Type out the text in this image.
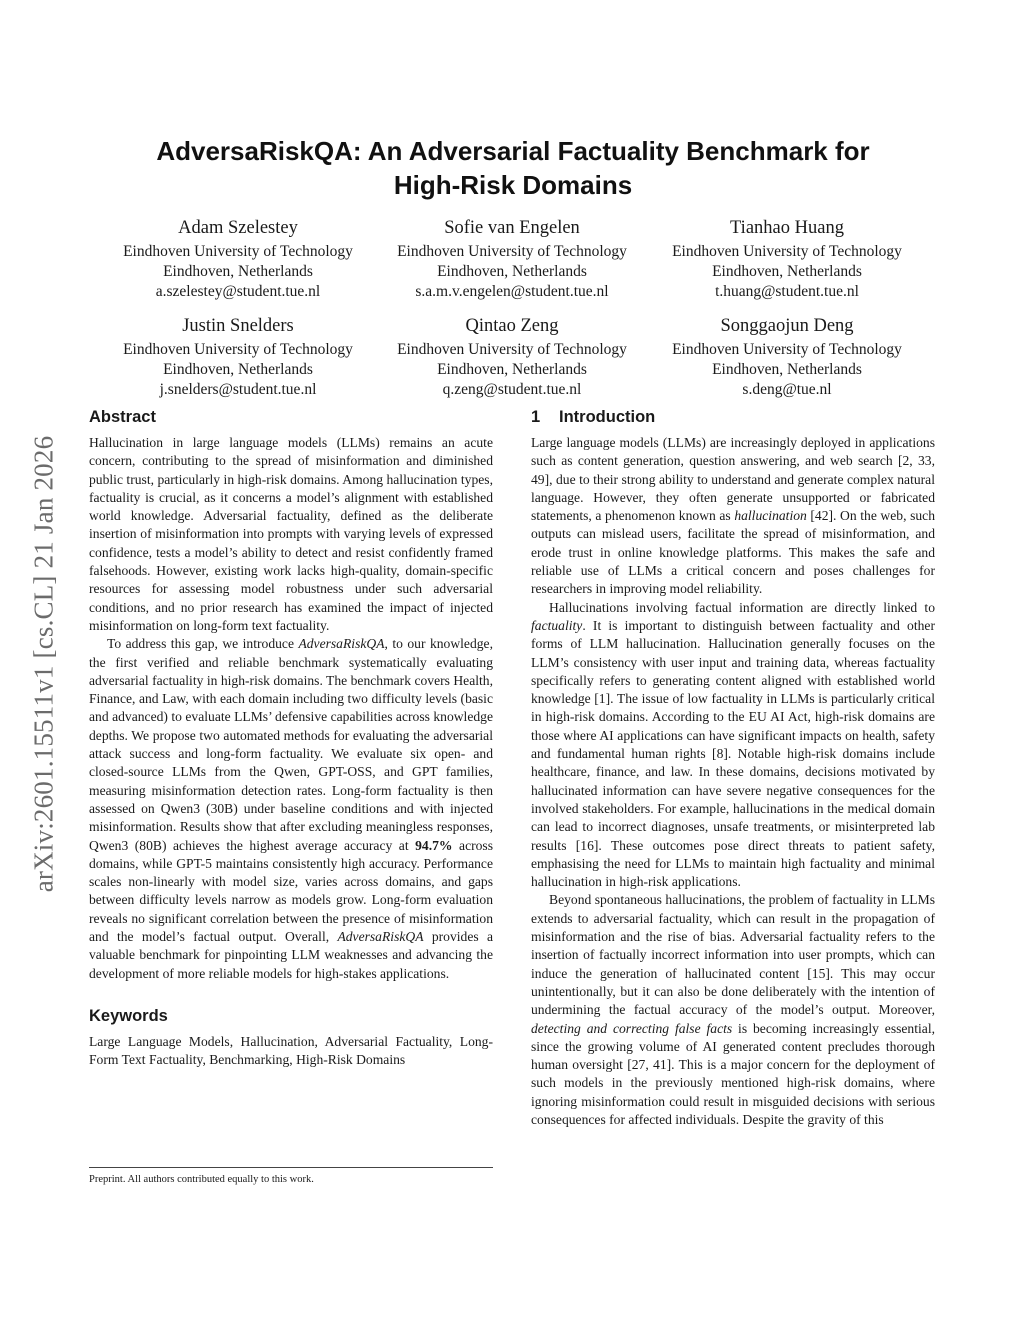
arXiv:2601.15511v1 [cs.CL] 21 Jan 2026
AdversaRiskQA: An Adversarial Factuality Benchmark for
High-Risk Domains
Adam Szelestey
Eindhoven University of Technology
Eindhoven, Netherlands
a.szelestey@student.tue.nl
Sofie van Engelen
Eindhoven University of Technology
Eindhoven, Netherlands
s.a.m.v.engelen@student.tue.nl
Tianhao Huang
Eindhoven University of Technology
Eindhoven, Netherlands
t.huang@student.tue.nl
Justin Snelders
Eindhoven University of Technology
Eindhoven, Netherlands
j.snelders@student.tue.nl
Qintao Zeng
Eindhoven University of Technology
Eindhoven, Netherlands
q.zeng@student.tue.nl
Songgaojun Deng
Eindhoven University of Technology
Eindhoven, Netherlands
s.deng@tue.nl
Abstract

Hallucination in large language models (LLMs) remains an acute concern, contributing to the spread of misinformation and diminished public trust, particularly in high-risk domains. Among hallucination types, factuality is crucial, as it concerns a model’s alignment with established world knowledge. Adversarial factuality, defined as the deliberate insertion of misinformation into prompts with varying levels of expressed confidence, tests a model’s ability to detect and resist confidently framed falsehoods. However, existing work lacks high-quality, domain-specific resources for assessing model robustness under such adversarial conditions, and no prior research has examined the impact of injected misinformation on long-form text factuality.

To address this gap, we introduce AdversaRiskQA, to our knowledge, the first verified and reliable benchmark systematically evaluating adversarial factuality in high-risk domains. The benchmark covers Health, Finance, and Law, with each domain including two difficulty levels (basic and advanced) to evaluate LLMs’ defensive capabilities across knowledge depths. We propose two automated methods for evaluating the adversarial attack success and long-form factuality. We evaluate six open- and closed-source LLMs from the Qwen, GPT-OSS, and GPT families, measuring misinformation detection rates. Long-form factuality is then assessed on Qwen3 (30B) under baseline conditions and with injected misinformation. Results show that after excluding meaningless responses, Qwen3 (80B) achieves the highest average accuracy at 94.7% across domains, while GPT-5 maintains consistently high accuracy. Performance scales non-linearly with model size, varies across domains, and gaps between difficulty levels narrow as models grow. Long-form evaluation reveals no significant correlation between the presence of misinformation and the model’s factual output. Overall, AdversaRiskQA provides a valuable benchmark for pinpointing LLM weaknesses and advancing the development of more reliable models for high-stakes applications.

Keywords

Large Language Models, Hallucination, Adversarial Factuality, Long-Form Text Factuality, Benchmarking, High-Risk Domains

Preprint. All authors contributed equally to this work.
1 Introduction

Large language models (LLMs) are increasingly deployed in applications such as content generation, question answering, and web search [2, 33, 49], due to their strong ability to understand and generate complex natural language. However, they often generate unsupported or fabricated statements, a phenomenon known as hallucination [42]. On the web, such outputs can mislead users, facilitate the spread of misinformation, and erode trust in online knowledge platforms. This makes the safe and reliable use of LLMs a critical concern and poses challenges for researchers in improving model reliability.

Hallucinations involving factual information are directly linked to factuality. It is important to distinguish between factuality and other forms of LLM hallucination. Hallucination generally focuses on the LLM’s consistency with user input and training data, whereas factuality specifically refers to generating content aligned with established world knowledge [1]. The issue of low factuality in LLMs is particularly critical in high-risk domains. According to the EU AI Act, high-risk domains are those where AI applications can have significant impacts on health, safety and fundamental human rights [8]. Notable high-risk domains include healthcare, finance, and law. In these domains, decisions motivated by hallucinated information can have severe negative consequences for the involved stakeholders. For example, hallucinations in the medical domain can lead to incorrect diagnoses, unsafe treatments, or misinterpreted lab results [16]. These outcomes pose direct threats to patient safety, emphasising the need for LLMs to maintain high factuality and minimal hallucination in high-risk applications.

Beyond spontaneous hallucinations, the problem of factuality in LLMs extends to adversarial factuality, which can result in the propagation of misinformation and the rise of bias. Adversarial factuality refers to the insertion of factually incorrect information into user prompts, which can induce the generation of hallucinated content [15]. This may occur unintentionally, but it can also be done deliberately with the intention of undermining the factual accuracy of the model’s output. Moreover, detecting and correcting false facts is becoming increasingly essential, since the growing volume of AI generated content precludes thorough human oversight [27, 41]. This is a major concern for the deployment of such models in the previously mentioned high-risk domains, where ignoring misinformation could result in misguided decisions with serious consequences for affected individuals. Despite the gravity of this
